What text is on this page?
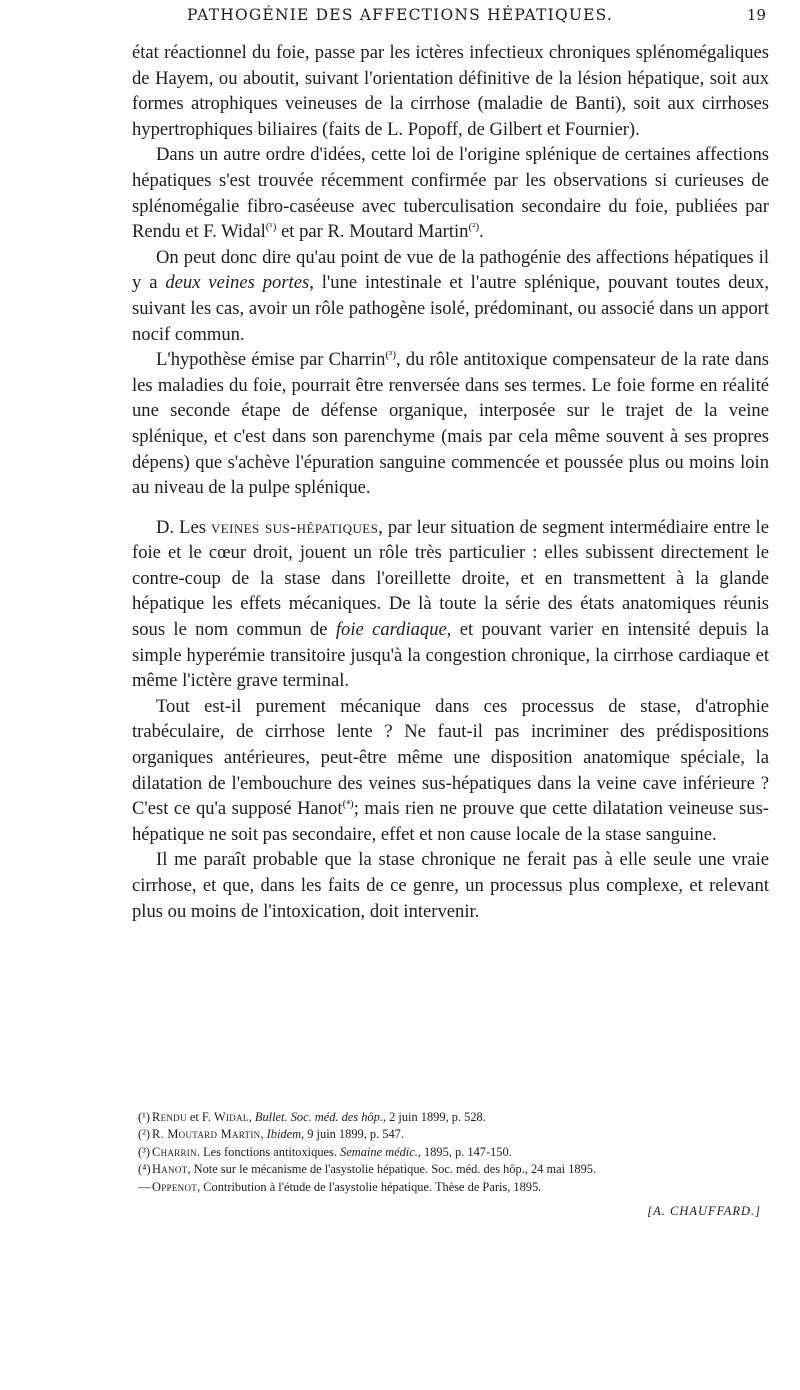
PATHOGÉNIE DES AFFECTIONS HÉPATIQUES.	19

état réactionnel du foie, passe par les ictères infectieux chroniques splénomégaliques de Hayem, ou aboutit, suivant l'orientation définitive de la lésion hépatique, soit aux formes atrophiques veineuses de la cirrhose (maladie de Banti), soit aux cirrhoses hypertrophiques biliaires (faits de L. Popoff, de Gilbert et Fournier).

Dans un autre ordre d'idées, cette loi de l'origine splénique de certaines affections hépatiques s'est trouvée récemment confirmée par les observations si curieuses de splénomégalie fibro-caséeuse avec tuberculisation secondaire du foie, publiées par Rendu et F. Widal$^{(^1)}$ et par R. Moutard Martin$^{(^2)}$.

On peut donc dire qu'au point de vue de la pathogénie des affections hépatiques il y a deux veines portes, l'une intestinale et l'autre splénique, pouvant toutes deux, suivant les cas, avoir un rôle pathogène isolé, prédominant, ou associé dans un apport nocif commun.

L'hypothèse émise par Charrin$^{(^3)}$, du rôle antitoxique compensateur de la rate dans les maladies du foie, pourrait être renversée dans ses termes. Le foie forme en réalité une seconde étape de défense organique, interposée sur le trajet de la veine splénique, et c'est dans son parenchyme (mais par cela même souvent à ses propres dépens) que s'achève l'épuration sanguine commencée et poussée plus ou moins loin au niveau de la pulpe splénique.

D. Les veines sus-hépatiques, par leur situation de segment intermédiaire entre le foie et le cœur droit, jouent un rôle très particulier : elles subissent directement le contre-coup de la stase dans l'oreillette droite, et en transmettent à la glande hépatique les effets mécaniques. De là toute la série des états anatomiques réunis sous le nom commun de foie cardiaque, et pouvant varier en intensité depuis la simple hyperémie transitoire jusqu'à la congestion chronique, la cirrhose cardiaque et même l'ictère grave terminal.

Tout est-il purement mécanique dans ces processus de stase, d'atrophie trabéculaire, de cirrhose lente ? Ne faut-il pas incriminer des prédispositions organiques antérieures, peut-être même une disposition anatomique spéciale, la dilatation de l'embouchure des veines sus-hépatiques dans la veine cave inférieure ? C'est ce qu'a supposé Hanot$^{(^4)}$; mais rien ne prouve que cette dilatation veineuse sus-hépatique ne soit pas secondaire, effet et non cause locale de la stase sanguine.

Il me paraît probable que la stase chronique ne ferait pas à elle seule une vraie cirrhose, et que, dans les faits de ce genre, un processus plus complexe, et relevant plus ou moins de l'intoxication, doit intervenir.

(¹) Rendu et F. Widal, Bullet. Soc. méd. des hôp., 2 juin 1899, p. 528.
(²) R. Moutard Martin, Ibidem, 9 juin 1899, p. 547.
(³) Charrin. Les fonctions antitoxiques. Semaine médic., 1895, p. 147-150.
(⁴)Hanot, Note sur le mécanisme de l'asystolie hépatique. Soc. méd. des hôp., 24 mai 1895.
— Oppenot, Contribution à l'étude de l'asystolie hépatique. Thèse de Paris, 1895.
[A. CHAUFFARD.]
